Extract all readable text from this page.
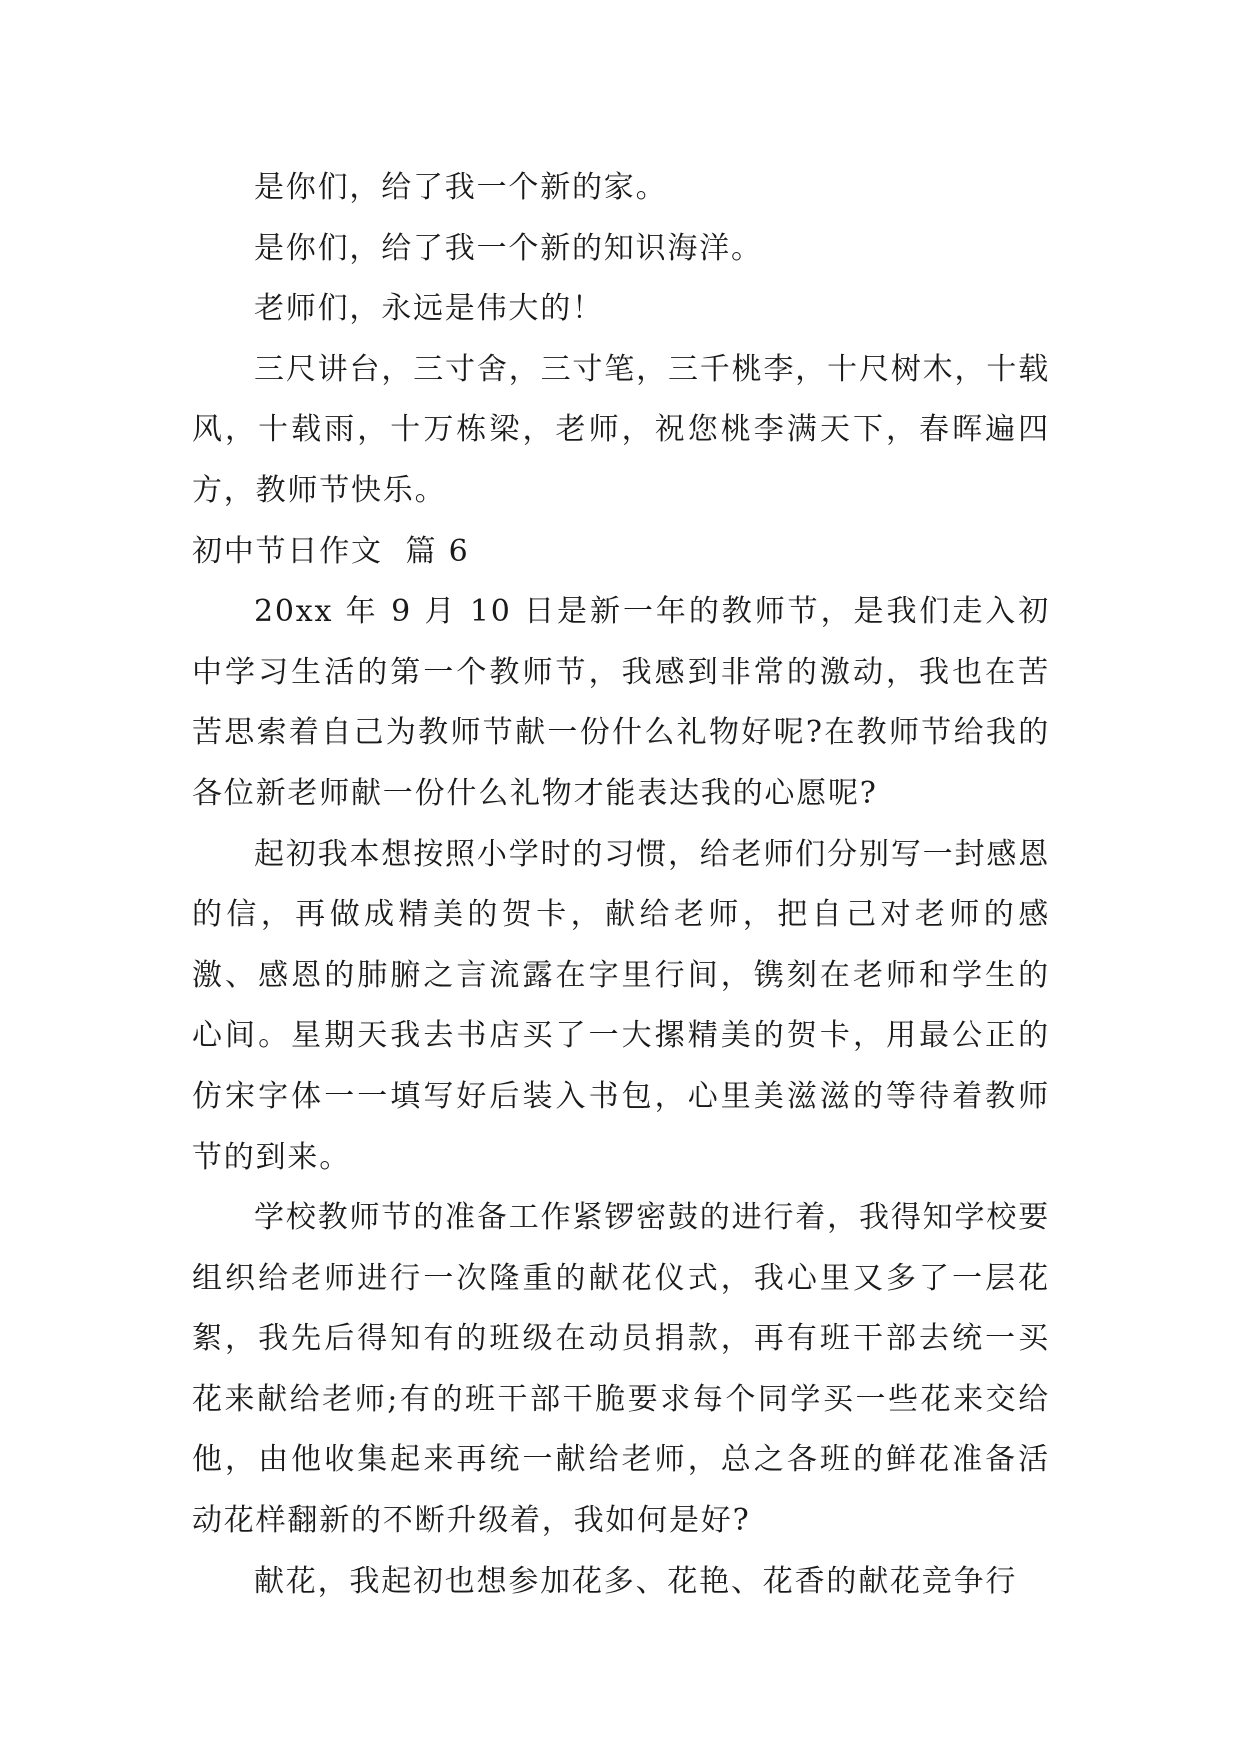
是你们，给了我一个新的家。

是你们，给了我一个新的知识海洋。

老师们，永远是伟大的！

三尺讲台，三寸舍，三寸笔，三千桃李，十尺树木，十载风，十载雨，十万栋梁，老师，祝您桃李满天下，春晖遍四方，教师节快乐。

初中节日作文  篇 6

20xx 年 9 月 10 日是新一年的教师节，是我们走入初中学习生活的第一个教师节，我感到非常的激动，我也在苦苦思索着自己为教师节献一份什么礼物好呢?在教师节给我的各位新老师献一份什么礼物才能表达我的心愿呢?

起初我本想按照小学时的习惯，给老师们分别写一封感恩的信，再做成精美的贺卡，献给老师，把自己对老师的感激、感恩的肺腑之言流露在字里行间，镌刻在老师和学生的心间。星期天我去书店买了一大摞精美的贺卡，用最公正的仿宋字体一一填写好后装入书包，心里美滋滋的等待着教师节的到来。

学校教师节的准备工作紧锣密鼓的进行着，我得知学校要组织给老师进行一次隆重的献花仪式，我心里又多了一层花絮，我先后得知有的班级在动员捐款，再有班干部去统一买花来献给老师;有的班干部干脆要求每个同学买一些花来交给他，由他收集起来再统一献给老师，总之各班的鲜花准备活动花样翻新的不断升级着，我如何是好?

献花，我起初也想参加花多、花艳、花香的献花竞争行
